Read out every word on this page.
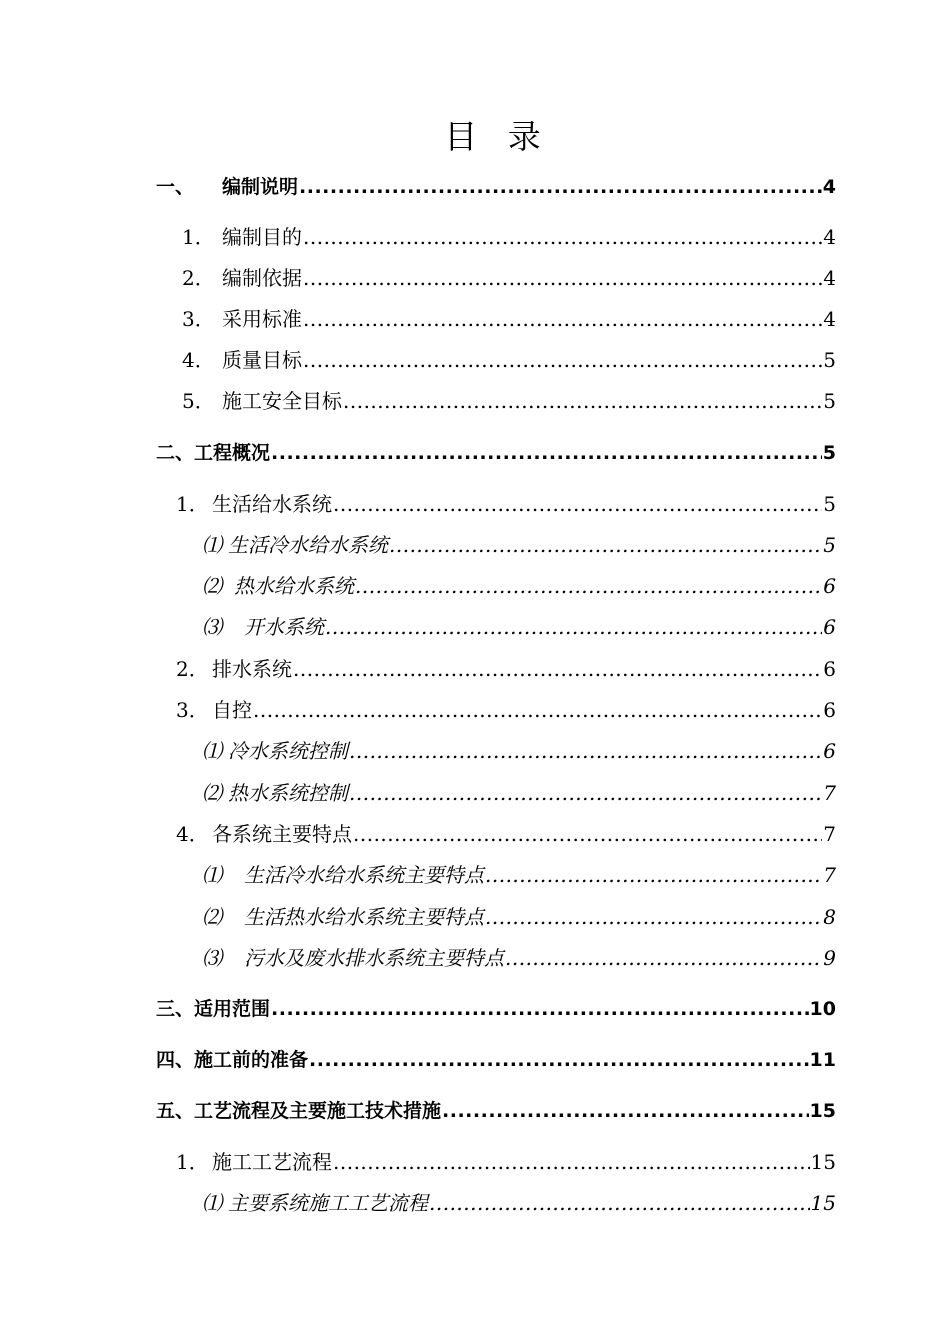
目 录
一、	编制说明 .....	4
1． 编制目的 .....	4
2． 编制依据 .....	4
3． 采用标准 .....	4
4． 质量目标 .....	5
5． 施工安全目标 .....	5
二、 工程概况 .....	5
1． 生活给水系统 .....	5
⑴ 生活冷水给水系统 .....	5
⑵ 热水给水系统 .....	6
⑶	开水系统 .....	6
2． 排水系统 .....	6
3． 自控 .....	6
⑴ 冷水系统控制 .....	6
⑵ 热水系统控制 .....	7
4． 各系统主要特点 .....	7
⑴	生活冷水给水系统主要特点 .....	7
⑵	生活热水给水系统主要特点 .....	8
⑶	污水及废水排水系统主要特点 .....	9
三、 适用范围 .....	10
四、 施工前的准备 .....	11
五、 工艺流程及主要施工技术措施 .....	15
1． 施工工艺流程 .....	15
⑴ 主要系统施工工艺流程 .....	15
